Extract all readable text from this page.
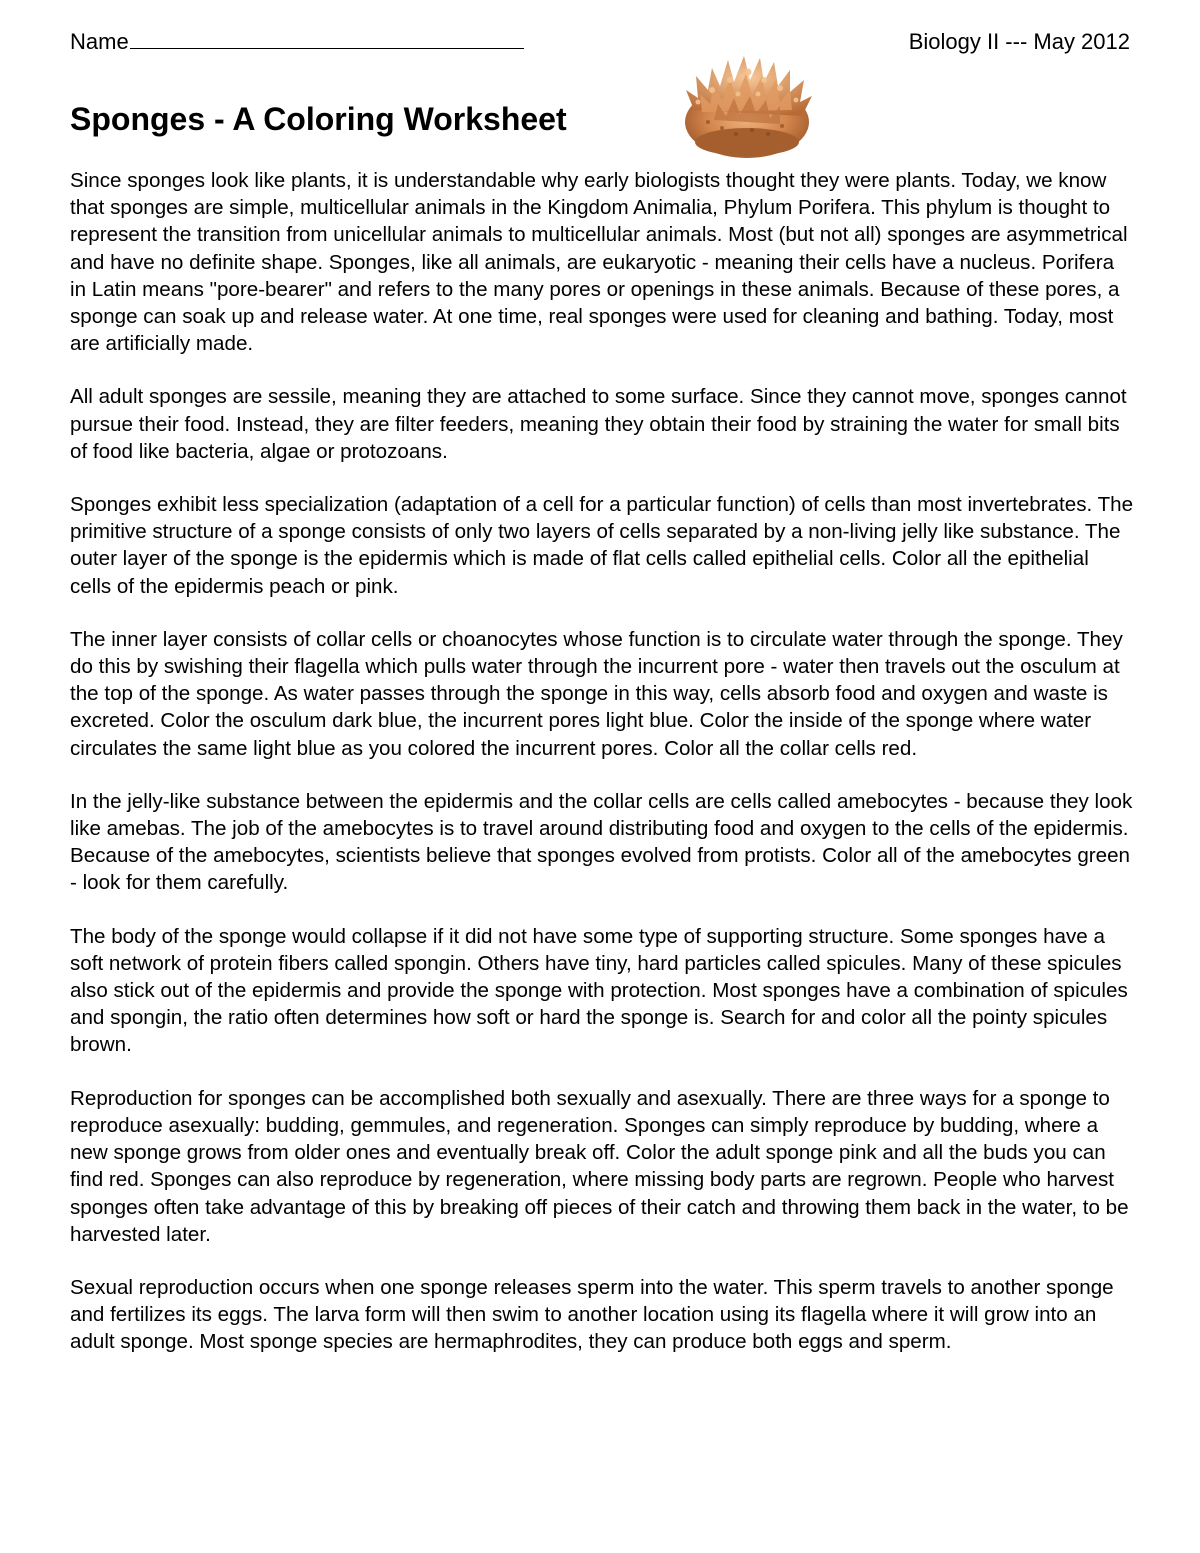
Name	Biology II --- May 2012
Sponges - A Coloring Worksheet

Since sponges look like plants, it is understandable why early biologists thought they were plants. Today, we know that sponges are simple, multicellular animals in the Kingdom Animalia, Phylum Porifera. This phylum is thought to represent the transition from unicellular animals to multicellular animals. Most (but not all) sponges are asymmetrical and have no definite shape. Sponges, like all animals, are eukaryotic - meaning their cells have a nucleus. Porifera in Latin means "pore-bearer" and refers to the many pores or openings in these animals. Because of these pores, a sponge can soak up and release water. At one time, real sponges were used for cleaning and bathing. Today, most are artificially made.

All adult sponges are sessile, meaning they are attached to some surface. Since they cannot move, sponges cannot pursue their food. Instead, they are filter feeders, meaning they obtain their food by straining the water for small bits of food like bacteria, algae or protozoans.

Sponges exhibit less specialization (adaptation of a cell for a particular function) of cells than most invertebrates. The primitive structure of a sponge consists of only two layers of cells separated by a non-living jelly like substance. The outer layer of the sponge is the epidermis which is made of flat cells called epithelial cells. Color all the epithelial cells of the epidermis peach or pink.

The inner layer consists of collar cells or choanocytes whose function is to circulate water through the sponge. They do this by swishing their flagella which pulls water through the incurrent pore - water then travels out the osculum at the top of the sponge. As water passes through the sponge in this way, cells absorb food and oxygen and waste is excreted. Color the osculum dark blue, the incurrent pores light blue. Color the inside of the sponge where water circulates the same light blue as you colored the incurrent pores. Color all the collar cells red.

In the jelly-like substance between the epidermis and the collar cells are cells called amebocytes - because they look like amebas. The job of the amebocytes is to travel around distributing food and oxygen to the cells of the epidermis. Because of the amebocytes, scientists believe that sponges evolved from protists. Color all of the amebocytes green - look for them carefully.

The body of the sponge would collapse if it did not have some type of supporting structure. Some sponges have a soft network of protein fibers called spongin. Others have tiny, hard particles called spicules. Many of these spicules also stick out of the epidermis and provide the sponge with protection. Most sponges have a combination of spicules and spongin, the ratio often determines how soft or hard the sponge is. Search for and color all the pointy spicules brown.

Reproduction for sponges can be accomplished both sexually and asexually. There are three ways for a sponge to reproduce asexually: budding, gemmules, and regeneration. Sponges can simply reproduce by budding, where a new sponge grows from older ones and eventually break off. Color the adult sponge pink and all the buds you can find red. Sponges can also reproduce by regeneration, where missing body parts are regrown. People who harvest sponges often take advantage of this by breaking off pieces of their catch and throwing them back in the water, to be harvested later.

Sexual reproduction occurs when one sponge releases sperm into the water. This sperm travels to another sponge and fertilizes its eggs. The larva form will then swim to another location using its flagella where it will grow into an adult sponge. Most sponge species are hermaphrodites, they can produce both eggs and sperm.
